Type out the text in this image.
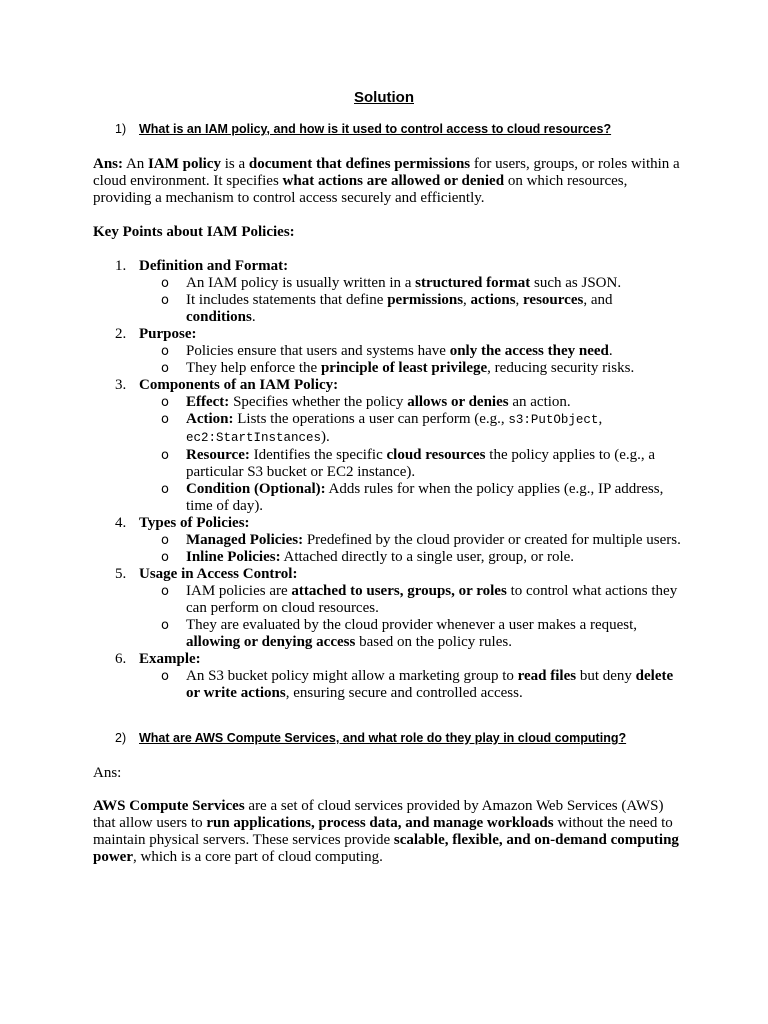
Solution
1) What is an IAM policy, and how is it used to control access to cloud resources?

Ans: An IAM policy is a document that defines permissions for users, groups, or roles within a cloud environment. It specifies what actions are allowed or denied on which resources, providing a mechanism to control access securely and efficiently.

Key Points about IAM Policies:
1. Definition and Format:
o An IAM policy is usually written in a structured format such as JSON.
o It includes statements that define permissions, actions, resources, and conditions.
2. Purpose:
o Policies ensure that users and systems have only the access they need.
o They help enforce the principle of least privilege, reducing security risks.
3. Components of an IAM Policy:
o Effect: Specifies whether the policy allows or denies an action.
o Action: Lists the operations a user can perform (e.g., s3:PutObject, ec2:StartInstances).
o Resource: Identifies the specific cloud resources the policy applies to (e.g., a particular S3 bucket or EC2 instance).
o Condition (Optional): Adds rules for when the policy applies (e.g., IP address, time of day).
4. Types of Policies:
o Managed Policies: Predefined by the cloud provider or created for multiple users.
o Inline Policies: Attached directly to a single user, group, or role.
5. Usage in Access Control:
o IAM policies are attached to users, groups, or roles to control what actions they can perform on cloud resources.
o They are evaluated by the cloud provider whenever a user makes a request, allowing or denying access based on the policy rules.
6. Example:
o An S3 bucket policy might allow a marketing group to read files but deny delete or write actions, ensuring secure and controlled access.
2) What are AWS Compute Services, and what role do they play in cloud computing?
Ans:

AWS Compute Services are a set of cloud services provided by Amazon Web Services (AWS) that allow users to run applications, process data, and manage workloads without the need to maintain physical servers. These services provide scalable, flexible, and on-demand computing power, which is a core part of cloud computing.
